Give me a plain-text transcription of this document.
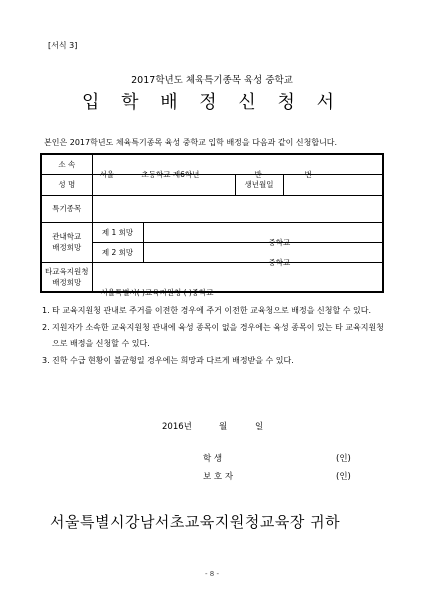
[서식 3]
2017학년도 체육특기종목 육성 중학교
입 학 배 정 신 청 서
본인은 2017학년도 체육특기종목 육성 중학교 입학 배정을 다음과 같이 신청합니다.
소 속	서울 초등학교 제6학년 반 번			

성 명			생년월일	
특기종목				
관내학교
배정희망	제 1 희망	중학교		

	제 2 희망	중학교		

타교육지원청
배정희망	서울특별시( )교육지원청 ( )중학교			
1. 타 교육지원청 관내로 주거를 이전한 경우에 주거 이전한 교육청으로 배정을 신청할 수 있다.
2. 지원자가 소속한 교육지원청 관내에 육성 종목이 없을 경우에는 육성 종목이 있는 타 교육지원청으로 배정을 신청할 수 있다.
3. 진학 수급 현황이 불균형일 경우에는 희망과 다르게 배정받을 수 있다.
2016년	월	일
학 생	(인)
보 호 자	(인)
서울특별시강남서초교육지원청교육장 귀하
- 8 -
